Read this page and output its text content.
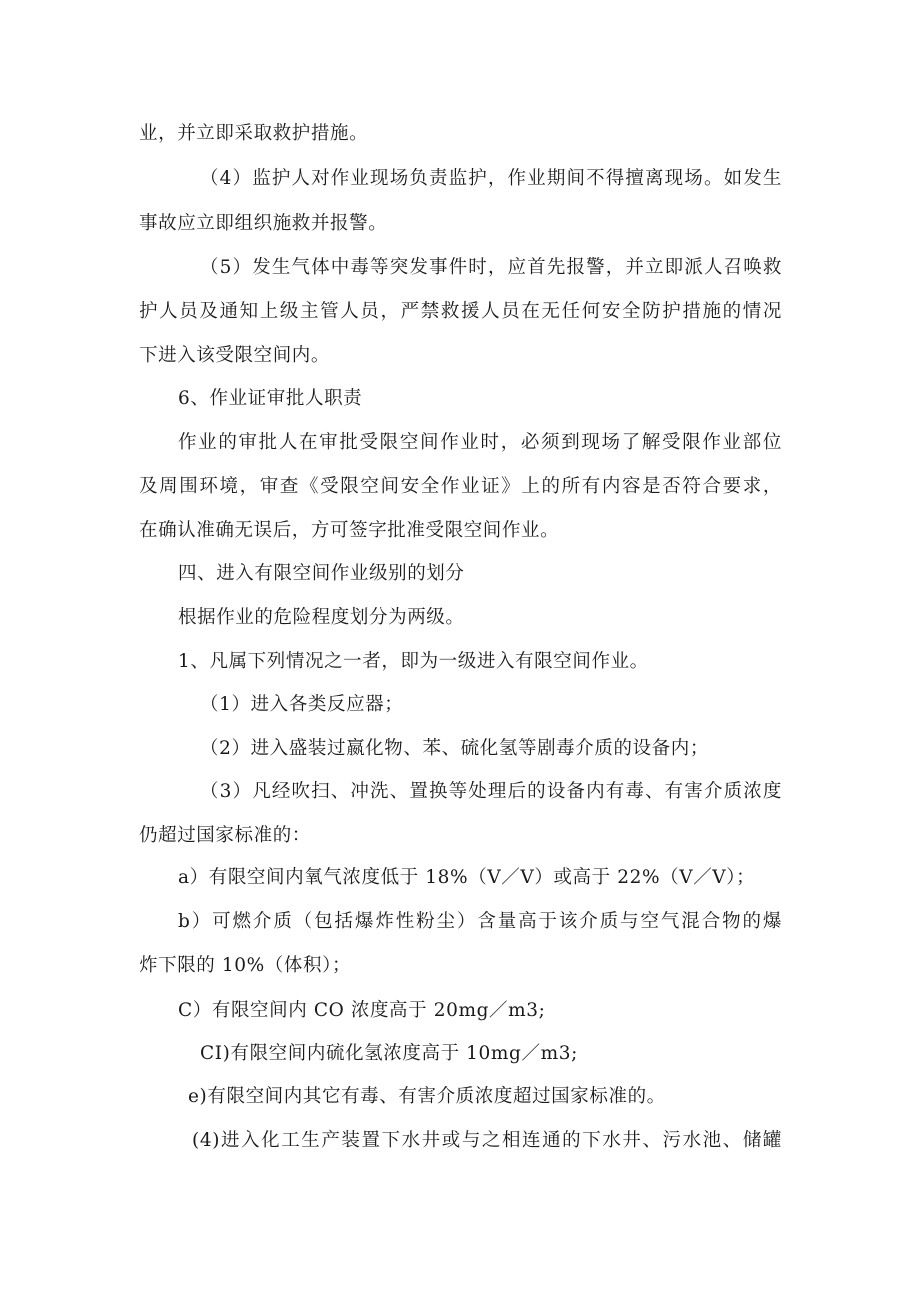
业，并立即采取救护措施。
（4）监护人对作业现场负责监护，作业期间不得擅离现场。如发生
事故应立即组织施救并报警。
（5）发生气体中毒等突发事件时，应首先报警，并立即派人召唤救
护人员及通知上级主管人员，严禁救援人员在无任何安全防护措施的情况
下进入该受限空间内。
6、作业证审批人职责
作业的审批人在审批受限空间作业时，必须到现场了解受限作业部位
及周围环境，审查《受限空间安全作业证》上的所有内容是否符合要求，
在确认准确无误后，方可签字批准受限空间作业。
四、进入有限空间作业级别的划分
根据作业的危险程度划分为两级。
1、凡属下列情况之一者，即为一级进入有限空间作业。
（1）进入各类反应器；
（2）进入盛装过嬴化物、苯、硫化氢等剧毒介质的设备内；
（3）凡经吹扫、冲洗、置换等处理后的设备内有毒、有害介质浓度
仍超过国家标准的：
a）有限空间内氧气浓度低于 18%（V／V）或高于 22%（V／V）；
b）可燃介质（包括爆炸性粉尘）含量高于该介质与空气混合物的爆
炸下限的 10%（体积）；
C）有限空间内 CO 浓度高于 20mg／m3;
CI)有限空间内硫化氢浓度高于 10mg／m3;
e)有限空间内其它有毒、有害介质浓度超过国家标准的。
(4)进入化工生产装置下水井或与之相连通的下水井、污水池、储罐
